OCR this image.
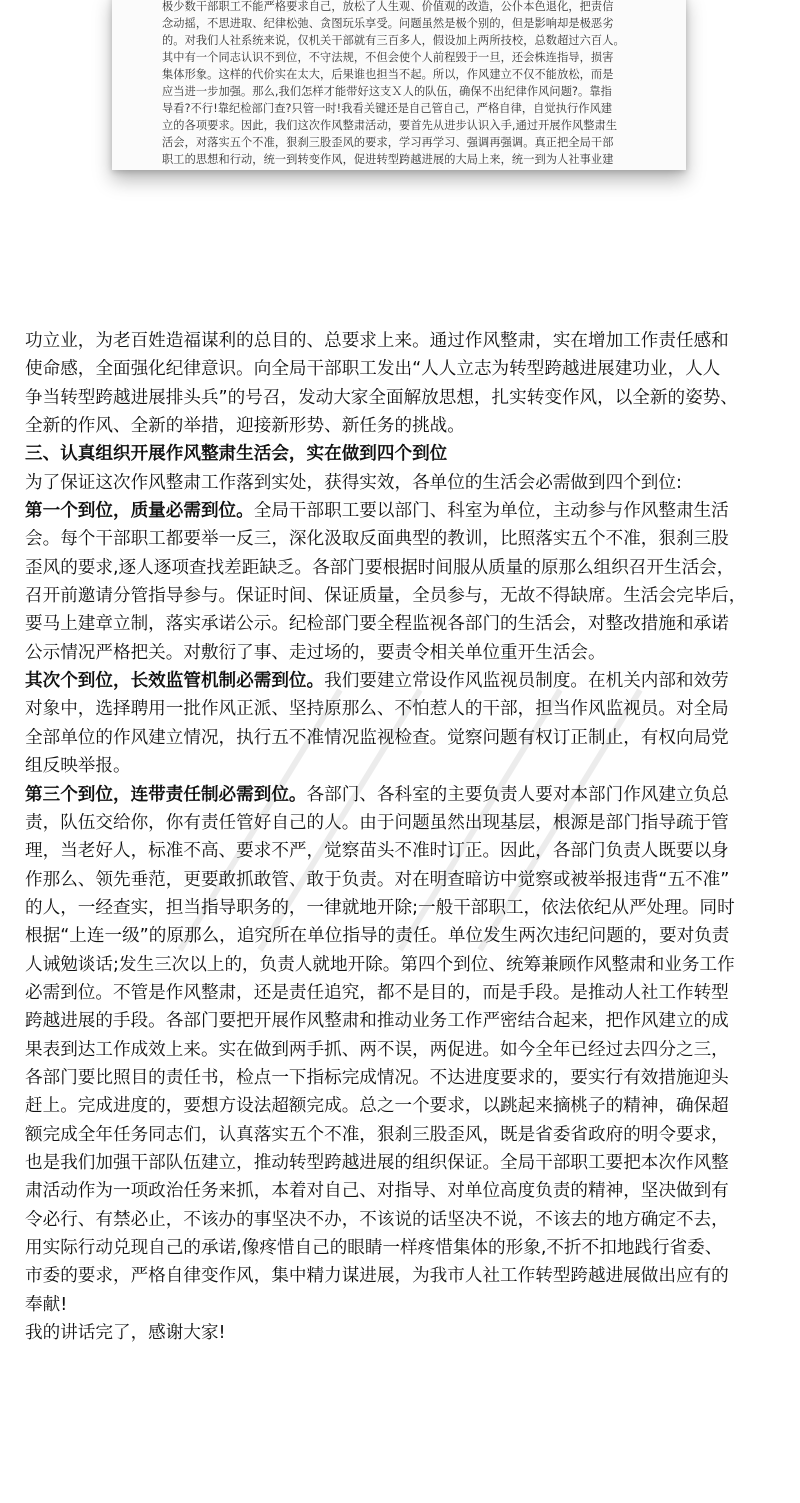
极少数干部职工不能严格要求自己，放松了人生观、价值观的改造，公仆本色退化，把责信
念动摇，不思进取、纪律松弛、贪图玩乐享受。问题虽然是极个别的，但是影响却是极恶劣
的。对我们人社系统来说，仅机关干部就有三百多人，假设加上两所技校，总数超过六百人。
其中有一个同志认识不到位，不守法规，不但会使个人前程毁于一旦，还会株连指导，损害
集体形象。这样的代价实在太大，后果谁也担当不起。所以，作风建立不仅不能放松，而是
应当进一步加强。那么,我们怎样才能带好这支Ｘ人的队伍，确保不出纪律作风问题?。靠指
导看?不行!靠纪检部门查?只管一时!我看关键还是自己管自己，严格自律，自觉执行作风建
立的各项要求。因此，我们这次作风整肃活动，要首先从进步认识入手,通过开展作风整肃生
活会，对落实五个不准，狠刹三股歪风的要求，学习再学习、强调再强调。真正把全局干部
职工的思想和行动，统一到转变作风，促进转型跨越进展的大局上来，统一到为人社事业建
功立业，为老百姓造福谋利的总目的、总要求上来。通过作风整肃，实在增加工作责任感和
使命感，全面强化纪律意识。向全局干部职工发出“人人立志为转型跨越进展建功业，人人
争当转型跨越进展排头兵”的号召，发动大家全面解放思想，扎实转变作风，以全新的姿势、
全新的作风、全新的举措，迎接新形势、新任务的挑战。
三、认真组织开展作风整肃生活会，实在做到四个到位
为了保证这次作风整肃工作落到实处，获得实效，各单位的生活会必需做到四个到位:
第一个到位，质量必需到位。全局干部职工要以部门、科室为单位，主动参与作风整肃生活
会。每个干部职工都要举一反三，深化汲取反面典型的教训，比照落实五个不准，狠刹三股
歪风的要求,逐人逐项查找差距缺乏。各部门要根据时间服从质量的原那么组织召开生活会，
召开前邀请分管指导参与。保证时间、保证质量，全员参与，无故不得缺席。生活会完毕后，
要马上建章立制，落实承诺公示。纪检部门要全程监视各部门的生活会，对整改措施和承诺
公示情况严格把关。对敷衍了事、走过场的，要责令相关单位重开生活会。
其次个到位，长效监管机制必需到位。我们要建立常设作风监视员制度。在机关内部和效劳
对象中，选择聘用一批作风正派、坚持原那么、不怕惹人的干部，担当作风监视员。对全局
全部单位的作风建立情况，执行五不准情况监视检查。觉察问题有权订正制止，有权向局党
组反映举报。
第三个到位，连带责任制必需到位。各部门、各科室的主要负责人要对本部门作风建立负总
责，队伍交给你，你有责任管好自己的人。由于问题虽然出现基层，根源是部门指导疏于管
理，当老好人，标准不高、要求不严，觉察苗头不准时订正。因此，各部门负责人既要以身
作那么、领先垂范，更要敢抓敢管、敢于负责。对在明查暗访中觉察或被举报违背“五不准”
的人，一经查实，担当指导职务的，一律就地开除;一般干部职工，依法依纪从严处理。同时
根据“上连一级”的原那么，追究所在单位指导的责任。单位发生两次违纪问题的，要对负责
人诫勉谈话;发生三次以上的，负责人就地开除。第四个到位、统筹兼顾作风整肃和业务工作
必需到位。不管是作风整肃，还是责任追究，都不是目的，而是手段。是推动人社工作转型
跨越进展的手段。各部门要把开展作风整肃和推动业务工作严密结合起来，把作风建立的成
果表到达工作成效上来。实在做到两手抓、两不误，两促进。如今全年已经过去四分之三，
各部门要比照目的责任书，检点一下指标完成情况。不达进度要求的，要实行有效措施迎头
赶上。完成进度的，要想方设法超额完成。总之一个要求，以跳起来摘桃子的精神，确保超
额完成全年任务同志们，认真落实五个不准，狠刹三股歪风，既是省委省政府的明令要求，
也是我们加强干部队伍建立，推动转型跨越进展的组织保证。全局干部职工要把本次作风整
肃活动作为一项政治任务来抓，本着对自己、对指导、对单位高度负责的精神，坚决做到有
令必行、有禁必止，不该办的事坚决不办，不该说的话坚决不说，不该去的地方确定不去，
用实际行动兑现自己的承诺,像疼惜自己的眼睛一样疼惜集体的形象,不折不扣地践行省委、
市委的要求，严格自律变作风，集中精力谋进展，为我市人社工作转型跨越进展做出应有的
奉献!
我的讲话完了，感谢大家!
